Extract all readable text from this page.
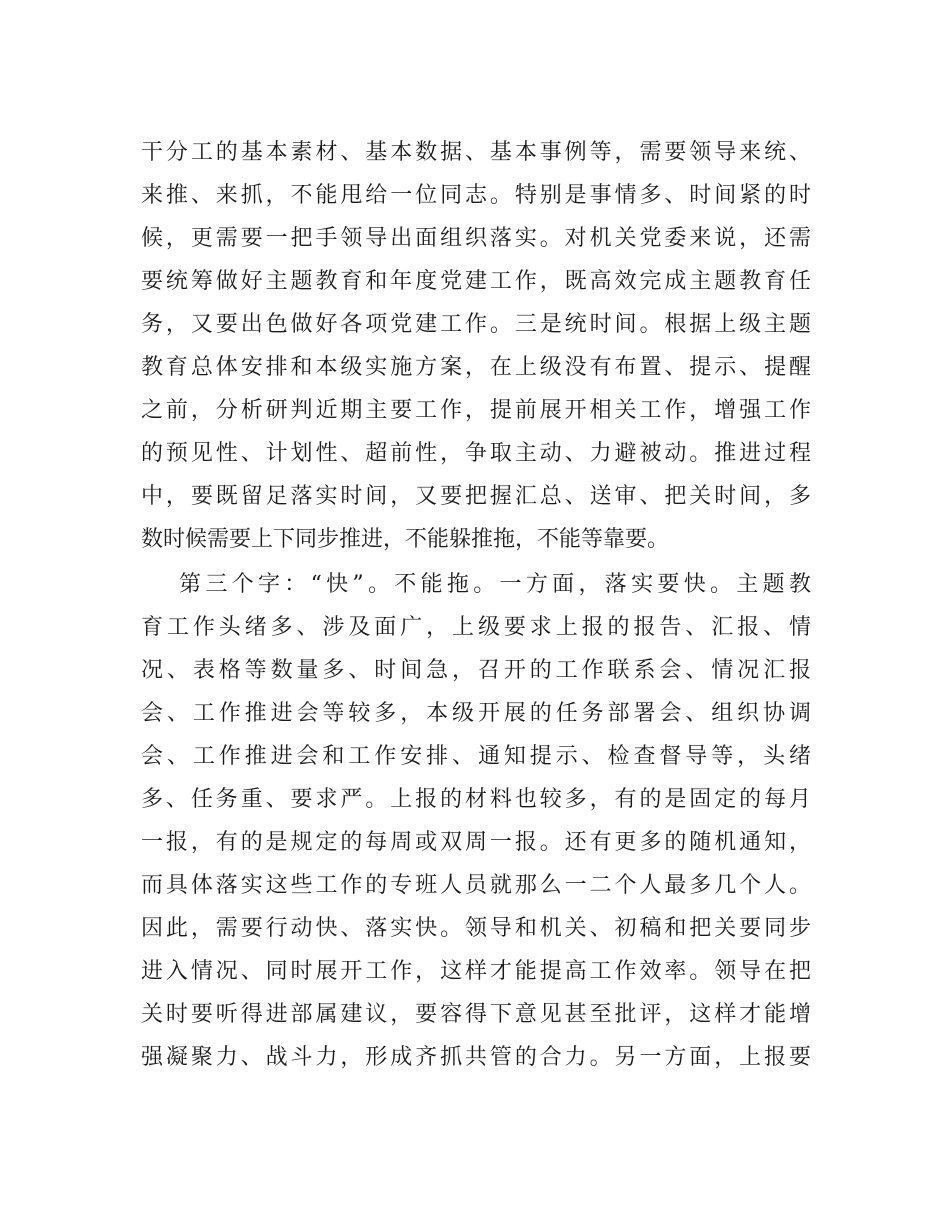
干分工的基本素材、基本数据、基本事例等，需要领导来统、
来推、来抓，不能甩给一位同志。特别是事情多、时间紧的时
候，更需要一把手领导出面组织落实。对机关党委来说，还需
要统筹做好主题教育和年度党建工作，既高效完成主题教育任
务，又要出色做好各项党建工作。三是统时间。根据上级主题
教育总体安排和本级实施方案，在上级没有布置、提示、提醒
之前，分析研判近期主要工作，提前展开相关工作，增强工作
的预见性、计划性、超前性，争取主动、力避被动。推进过程
中，要既留足落实时间，又要把握汇总、送审、把关时间，多
数时候需要上下同步推进，不能躲推拖，不能等靠要。
第三个字：“快”。不能拖。一方面，落实要快。主题教
育工作头绪多、涉及面广，上级要求上报的报告、汇报、情
况、表格等数量多、时间急，召开的工作联系会、情况汇报
会、工作推进会等较多，本级开展的任务部署会、组织协调
会、工作推进会和工作安排、通知提示、检查督导等，头绪
多、任务重、要求严。上报的材料也较多，有的是固定的每月
一报，有的是规定的每周或双周一报。还有更多的随机通知，
而具体落实这些工作的专班人员就那么一二个人最多几个人。
因此，需要行动快、落实快。领导和机关、初稿和把关要同步
进入情况、同时展开工作，这样才能提高工作效率。领导在把
关时要听得进部属建议，要容得下意见甚至批评，这样才能增
强凝聚力、战斗力，形成齐抓共管的合力。另一方面，上报要
